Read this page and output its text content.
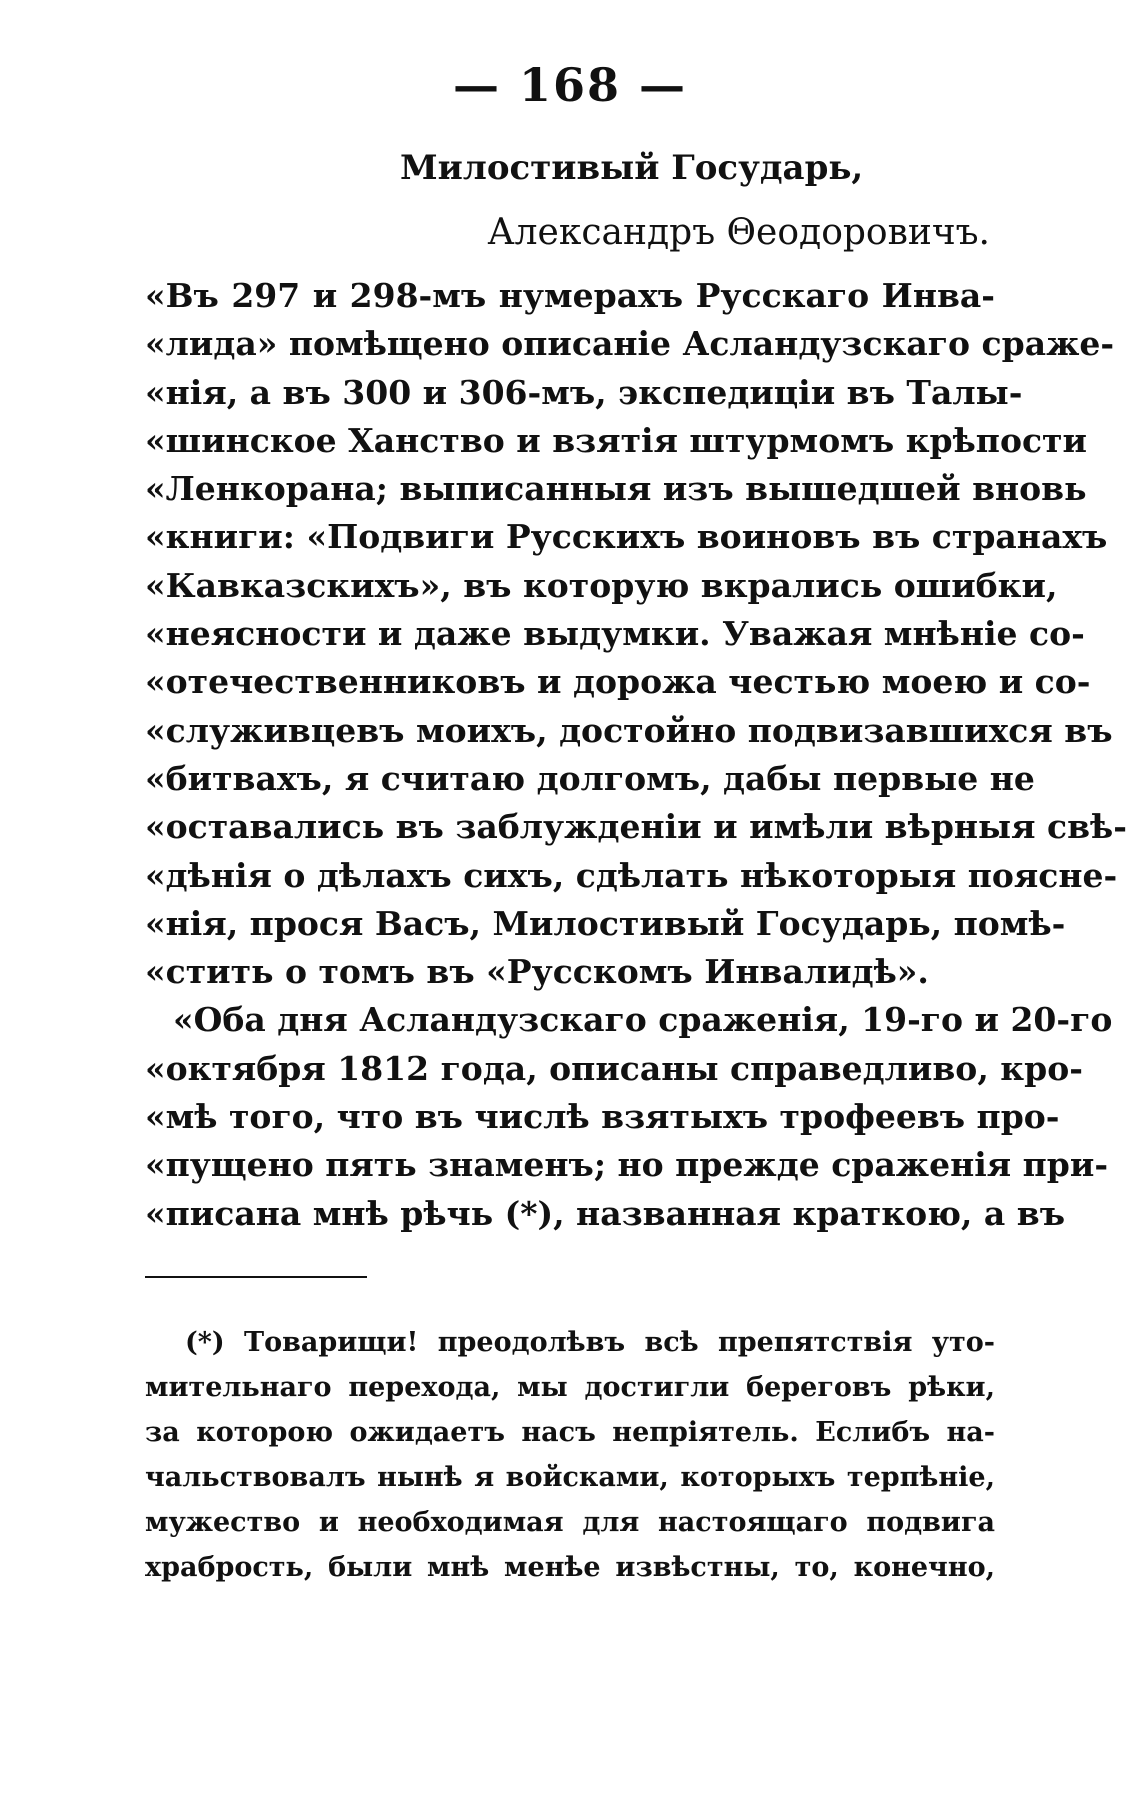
— 168 —
Милостивый Государь,
Александръ Θеодоровичъ.
«Въ 297 и 298-мъ нумерахъ Русскаго Инва-
«лида» помѣщено описаніе Асландузскаго сраже-
«нія, а въ 300 и 306-мъ, экспедиціи въ Талы-
«шинское Ханство и взятія штурмомъ крѣпости
«Ленкорана; выписанныя изъ вышедшей вновь
«книги: «Подвиги Русскихъ воиновъ въ странахъ
«Кавказскихъ», въ которую вкрались ошибки,
«неясности и даже выдумки. Уважая мнѣніе со-
«отечественниковъ и дорожа честью моею и со-
«служивцевъ моихъ, достойно подвизавшихся въ
«битвахъ, я считаю долгомъ, дабы первые не
«оставались въ заблужденіи и имѣли вѣрныя свѣ-
«дѣнія о дѣлахъ сихъ, сдѣлать нѣкоторыя поясне-
«нія, прося Васъ, Милостивый Государь, помѣ-
«стить о томъ въ «Русскомъ Инвалидѣ».
«Оба дня Асландузскаго сраженія, 19-го и 20-го
«октября 1812 года, описаны справедливо, кро-
«мѣ того, что въ числѣ взятыхъ трофеевъ про-
«пущено пять знаменъ; но прежде сраженія при-
«писана мнѣ рѣчь (*), названная краткою, а въ
(*) Товарищи! преодолѣвъ всѣ препятствія уто-
мительнаго перехода, мы достигли береговъ рѣки,
за которою ожидаетъ насъ непріятель. Еслибъ на-
чальствовалъ нынѣ я войсками, которыхъ терпѣніе,
мужество и необходимая для настоящаго подвига
храбрость, были мнѣ менѣе извѣстны, то, конечно,
